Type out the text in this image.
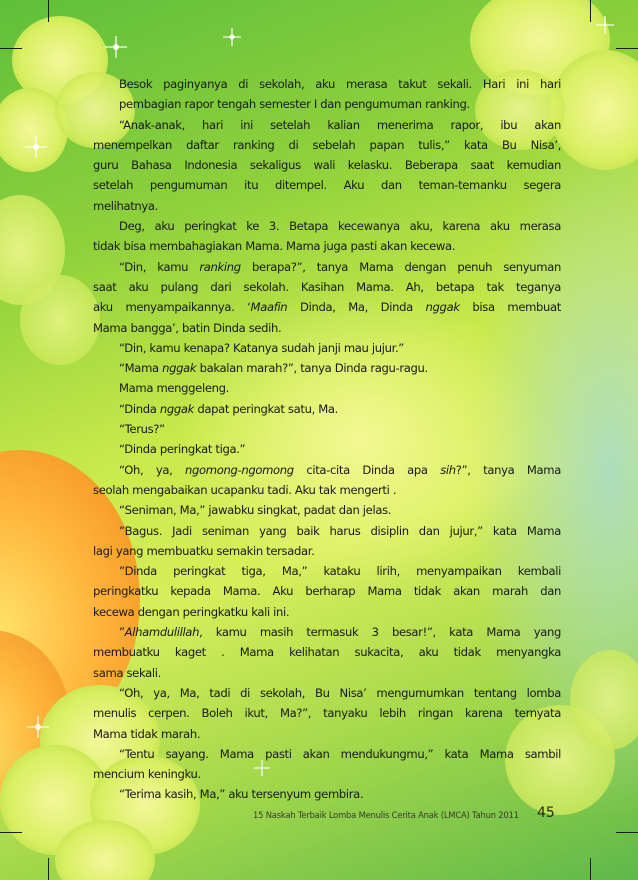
Besok paginyanya di sekolah, aku merasa takut sekali. Hari ini hari
pembagian rapor tengah semester I dan pengumuman ranking.
“Anak-anak, hari ini setelah kalian menerima rapor, ibu akan
menempelkan daftar ranking di sebelah papan tulis,” kata Bu Nisa’,
guru Bahasa Indonesia sekaligus wali kelasku. Beberapa saat kemudian
setelah pengumuman itu ditempel. Aku dan teman-temanku segera
melihatnya.
Deg, aku peringkat ke 3. Betapa kecewanya aku, karena aku merasa
tidak bisa membahagiakan Mama. Mama juga pasti akan kecewa.
“Din, kamu ranking berapa?”, tanya Mama dengan penuh senyuman
saat aku pulang dari sekolah. Kasihan Mama. Ah, betapa tak teganya
aku menyampaikannya. ‘Maafin Dinda, Ma, Dinda nggak bisa membuat
Mama bangga’, batin Dinda sedih.
“Din, kamu kenapa? Katanya sudah janji mau jujur.”
“Mama nggak bakalan marah?”, tanya Dinda ragu-ragu.
Mama menggeleng.
“Dinda nggak dapat peringkat satu, Ma.
“Terus?”
“Dinda peringkat tiga.”
“Oh, ya, ngomong-ngomong cita-cita Dinda apa sih?”, tanya Mama
seolah mengabaikan ucapanku tadi. Aku tak mengerti .
“Seniman, Ma,” jawabku singkat, padat dan jelas.
”Bagus. Jadi seniman yang baik harus disiplin dan jujur,” kata Mama
lagi yang membuatku semakin tersadar.
”Dinda peringkat tiga, Ma,” kataku lirih, menyampaikan kembali
peringkatku kepada Mama. Aku berharap Mama tidak akan marah dan
kecewa dengan peringkatku kali ini.
”Alhamdulillah, kamu masih termasuk 3 besar!”, kata Mama yang
membuatku kaget . Mama kelihatan sukacita, aku tidak menyangka
sama sekali.
“Oh, ya, Ma, tadi di sekolah, Bu Nisa’ mengumumkan tentang lomba
menulis cerpen. Boleh ikut, Ma?”, tanyaku lebih ringan karena ternyata
Mama tidak marah.
“Tentu sayang. Mama pasti akan mendukungmu,” kata Mama sambil
mencium keningku.
“Terima kasih, Ma,” aku tersenyum gembira.
15 Naskah Terbaik Lomba Menulis Cerita Anak (LMCA) Tahun 2011 45
